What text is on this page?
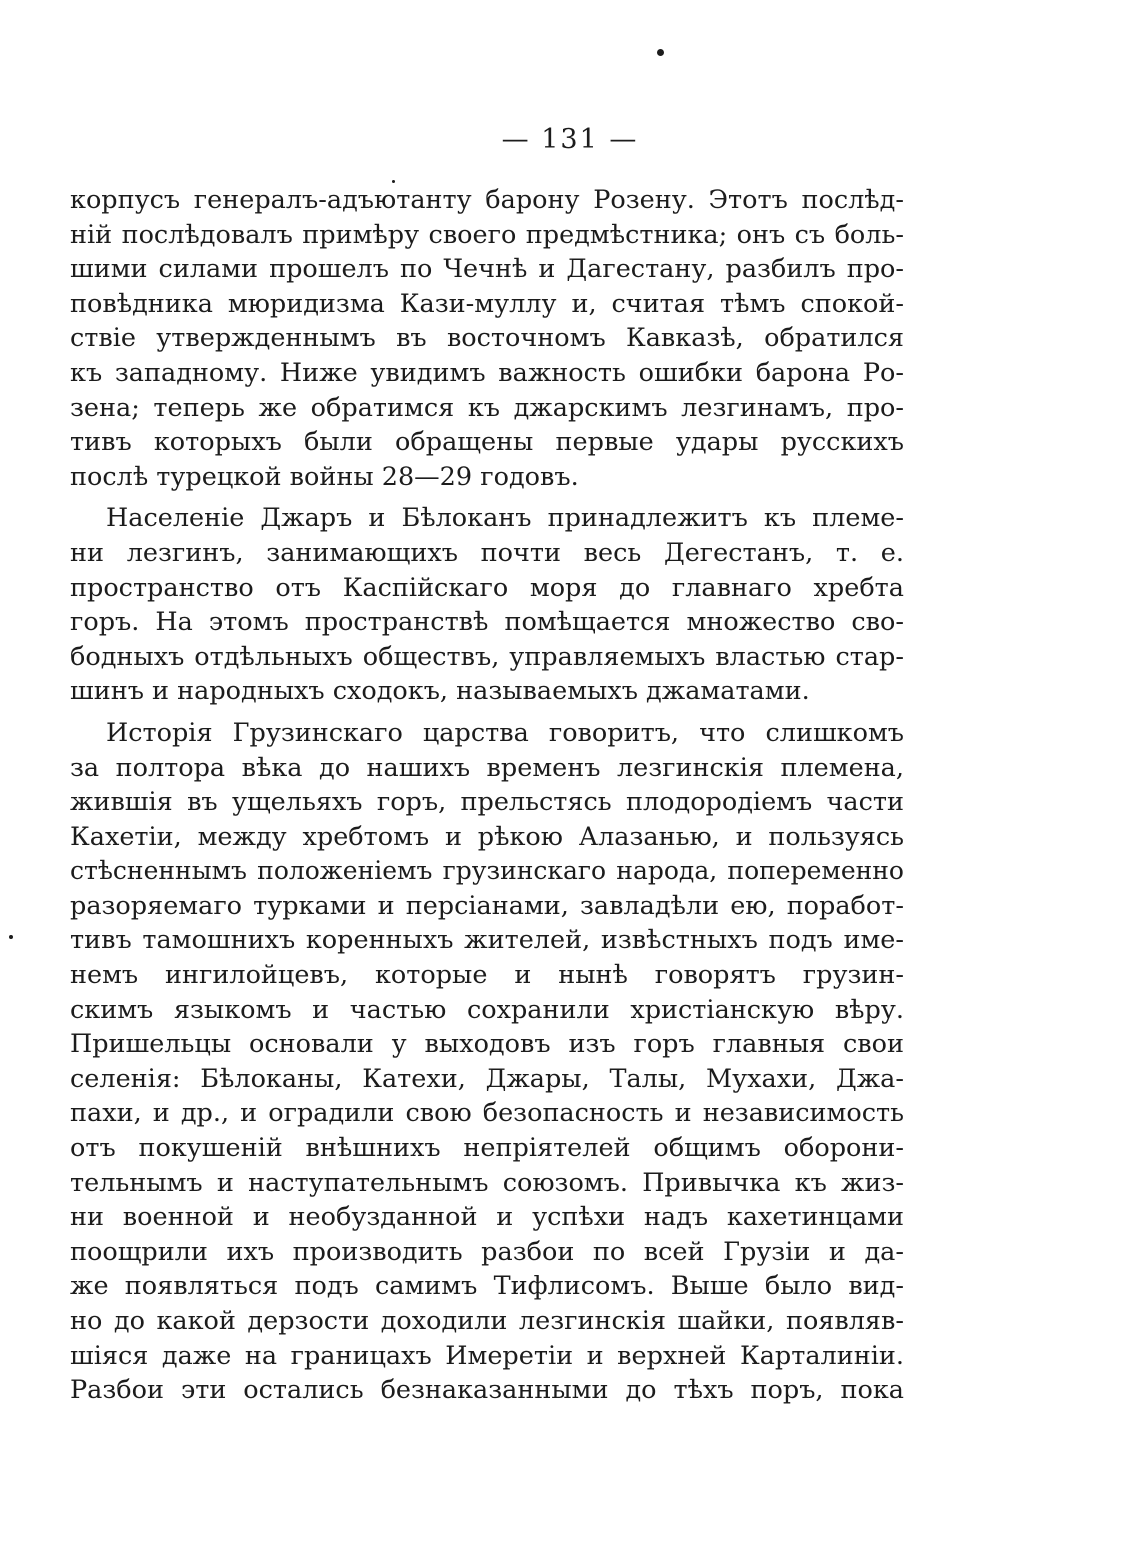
— 131 —
корпусъ генералъ-адъютанту барону Розену. Этотъ послѣд-
ній послѣдовалъ примѣру своего предмѣстника; онъ съ боль-
шими силами прошелъ по Чечнѣ и Дагестану, разбилъ про-
повѣдника мюридизма Кази-муллу и, считая тѣмъ спокой-
ствіе утвержденнымъ въ восточномъ Кавказѣ, обратился
къ западному. Ниже увидимъ важность ошибки барона Ро-
зена; теперь же обратимся къ джарскимъ лезгинамъ, про-
тивъ которыхъ были обращены первые удары русскихъ
послѣ турецкой войны 28—29 годовъ.
Населеніе Джаръ и Бѣлоканъ принадлежитъ къ племе-
ни лезгинъ, занимающихъ почти весь Дегестанъ, т. е.
пространство отъ Каспійскаго моря до главнаго хребта
горъ. На этомъ пространствѣ помѣщается множество сво-
бодныхъ отдѣльныхъ обществъ, управляемыхъ властью стар-
шинъ и народныхъ сходокъ, называемыхъ джаматами.
Исторія Грузинскаго царства говоритъ, что слишкомъ
за полтора вѣка до нашихъ временъ лезгинскія племена,
жившія въ ущельяхъ горъ, прельстясь плодородіемъ части
Кахетіи, между хребтомъ и рѣкою Алазанью, и пользуясь
стѣсненнымъ положеніемъ грузинскаго народа, попеременно
разоряемаго турками и персіанами, завладѣли ею, поработ-
тивъ тамошнихъ коренныхъ жителей, извѣстныхъ подъ име-
немъ ингилойцевъ, которые и нынѣ говорятъ грузин-
скимъ языкомъ и частью сохранили христіанскую вѣру.
Пришельцы основали у выходовъ изъ горъ главныя свои
селенія: Бѣлоканы, Катехи, Джары, Талы, Мухахи, Джа-
пахи, и др., и оградили свою безопасность и независимость
отъ покушеній внѣшнихъ непріятелей общимъ оборони-
тельнымъ и наступательнымъ союзомъ. Привычка къ жиз-
ни военной и необузданной и успѣхи надъ кахетинцами
поощрили ихъ производить разбои по всей Грузіи и да-
же появляться подъ самимъ Тифлисомъ. Выше было вид-
но до какой дерзости доходили лезгинскія шайки, появляв-
шіяся даже на границахъ Имеретіи и верхней Карталиніи.
Разбои эти остались безнаказанными до тѣхъ поръ, пока
